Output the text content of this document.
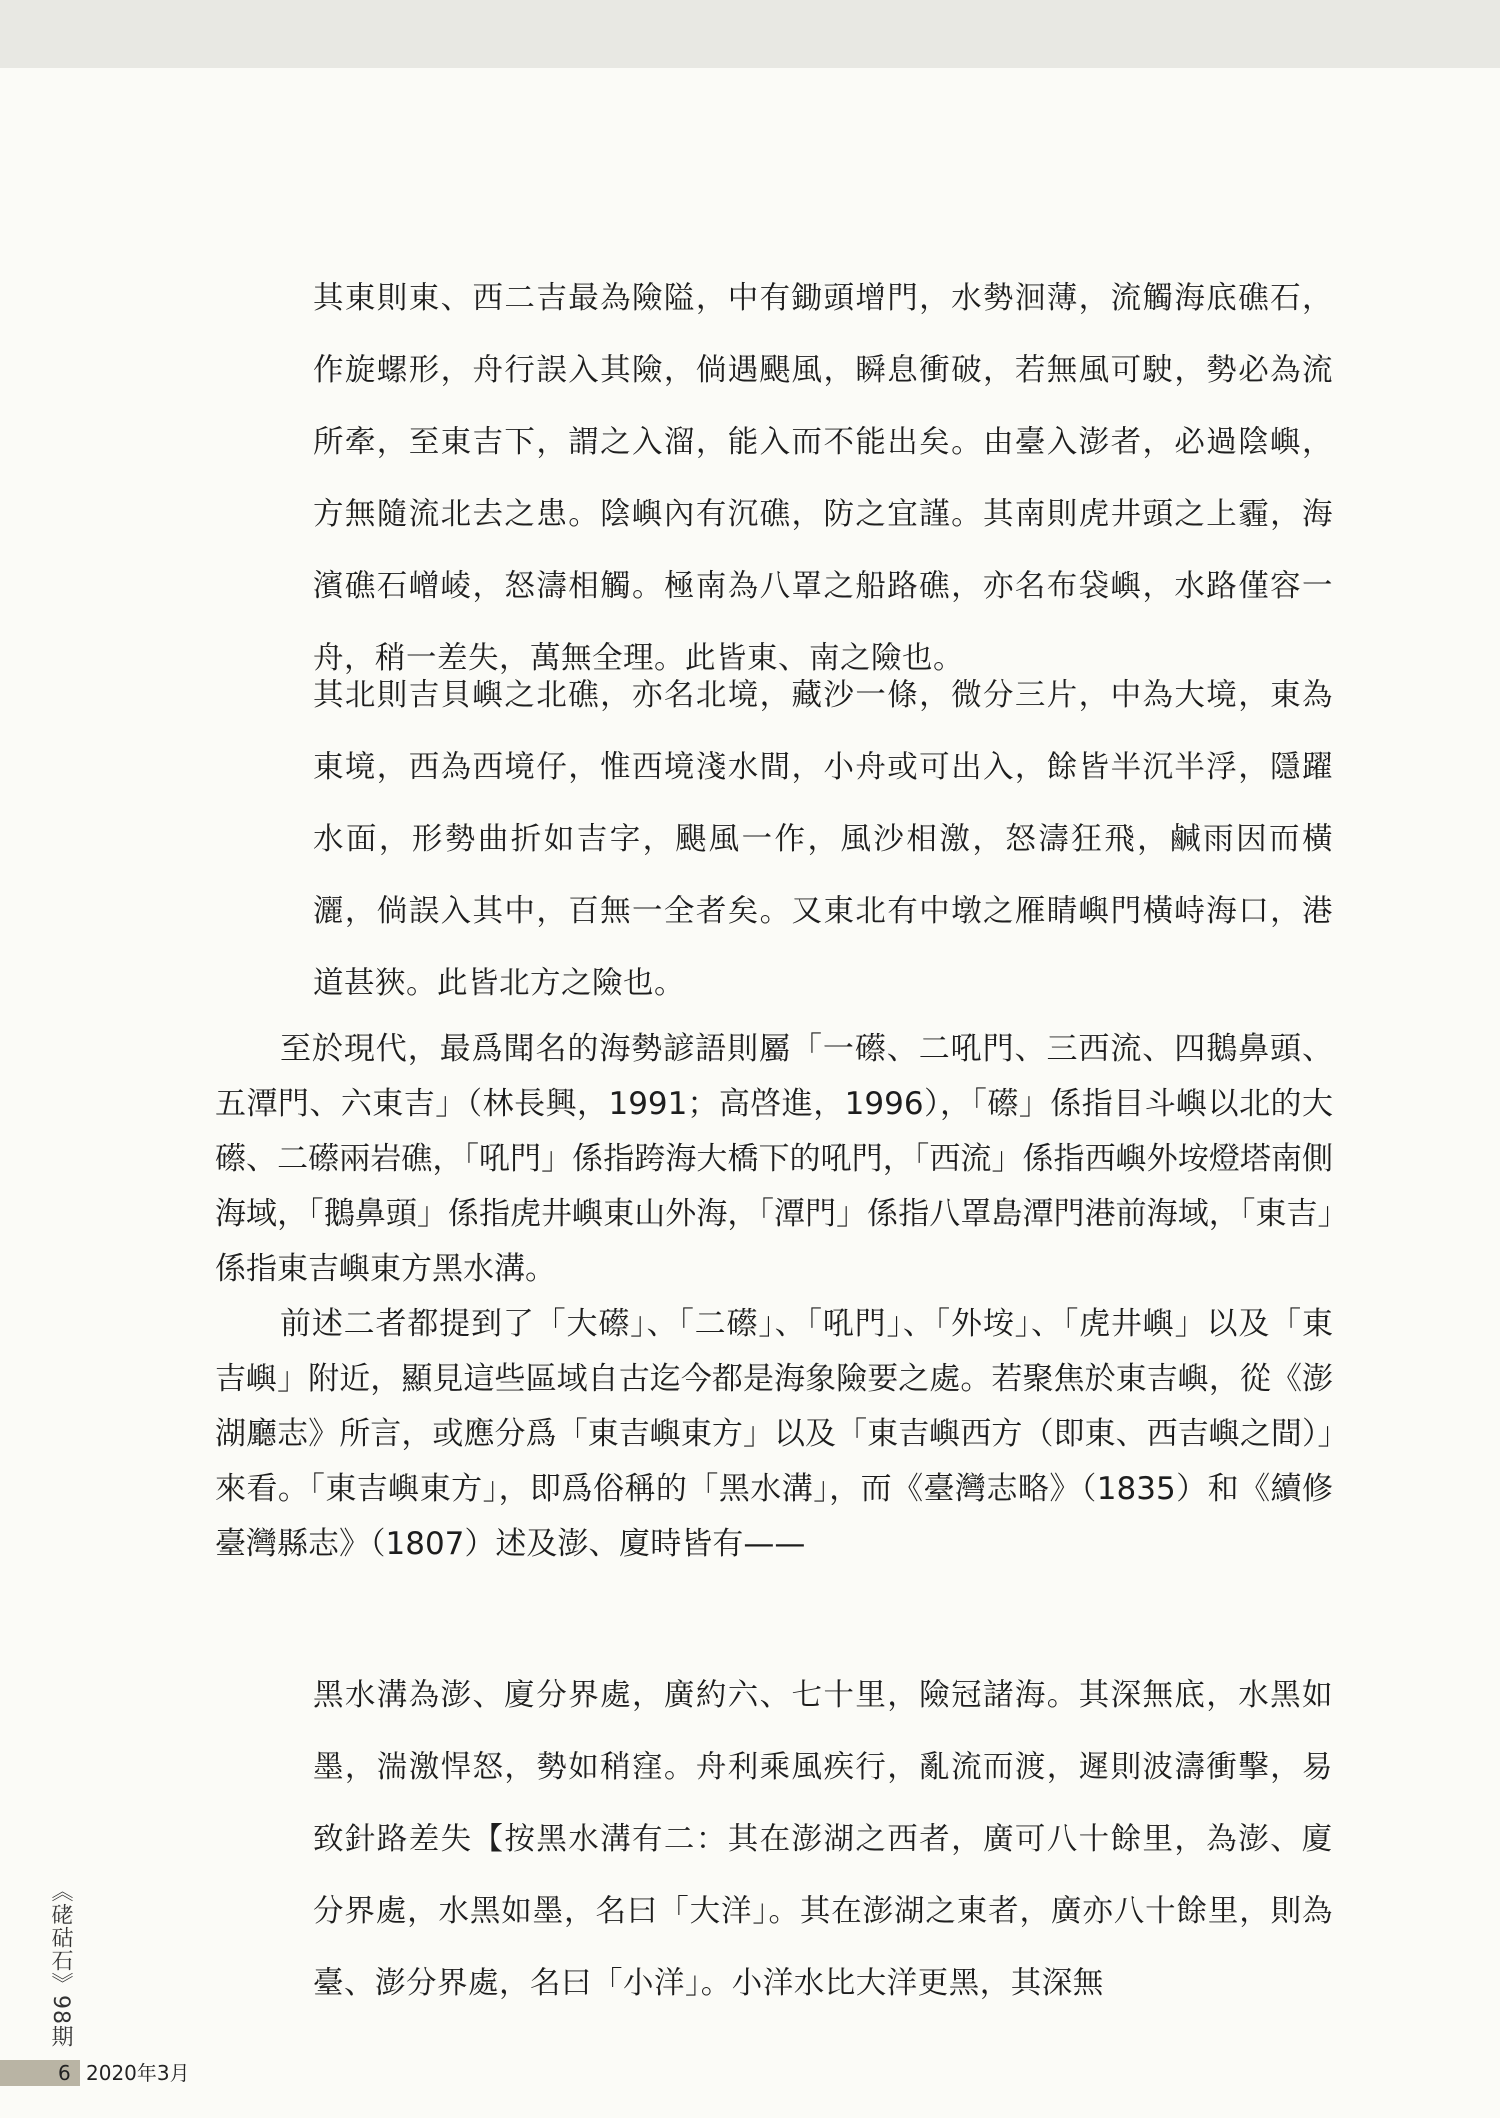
其東則東、西二吉最為險隘，中有鋤頭增門，水勢洄薄，流觸海底礁石，作旋螺形，舟行誤入其險，倘遇颶風，瞬息衝破，若無風可駛，勢必為流所牽，至東吉下，謂之入溜，能入而不能出矣。由臺入澎者，必過陰嶼，方無隨流北去之患。陰嶼內有沉礁，防之宜謹。其南則虎井頭之上霾，海濱礁石嶒崚，怒濤相觸。極南為八罩之船路礁，亦名布袋嶼，水路僅容一舟，稍一差失，萬無全理。此皆東、南之險也。

其北則吉貝嶼之北礁，亦名北境，藏沙一條，微分三片，中為大境，東為東境，西為西境仔，惟西境淺水間，小舟或可出入，餘皆半沉半浮，隱躍水面，形勢曲折如吉字，颶風一作，風沙相激，怒濤狂飛，鹹雨因而橫灑，倘誤入其中，百無一全者矣。又東北有中墩之雁睛嶼門橫峙海口，港道甚狹。此皆北方之險也。

至於現代，最爲聞名的海勢諺語則屬「一礤、二吼門、三西流、四鵝鼻頭、五潭門、六東吉」（林長興，1991；高啓進，1996），「礤」係指目斗嶼以北的大礤、二礤兩岩礁，「吼門」係指跨海大橋下的吼門，「西流」係指西嶼外垵燈塔南側海域，「鵝鼻頭」係指虎井嶼東山外海，「潭門」係指八罩島潭門港前海域，「東吉」係指東吉嶼東方黑水溝。

前述二者都提到了「大礤」、「二礤」、「吼門」、「外垵」、「虎井嶼」以及「東吉嶼」附近，顯見這些區域自古迄今都是海象險要之處。若聚焦於東吉嶼，從《澎湖廳志》所言，或應分爲「東吉嶼東方」以及「東吉嶼西方（即東、西吉嶼之間）」來看。「東吉嶼東方」，即爲俗稱的「黑水溝」，而《臺灣志略》（1835）和《續修臺灣縣志》（1807）述及澎、廈時皆有——

黑水溝為澎、廈分界處，廣約六、七十里，險冠諸海。其深無底，水黑如墨，湍激悍怒，勢如稍窪。舟利乘風疾行，亂流而渡，遲則波濤衝擊，易致針路差失【按黑水溝有二：其在澎湖之西者，廣可八十餘里，為澎、廈分界處，水黑如墨，名曰「大洋」。其在澎湖之東者，廣亦八十餘里，則為臺、澎分界處，名曰「小洋」。小洋水比大洋更黑，其深無

《硓𥑮石》98期
6 2020年3月
